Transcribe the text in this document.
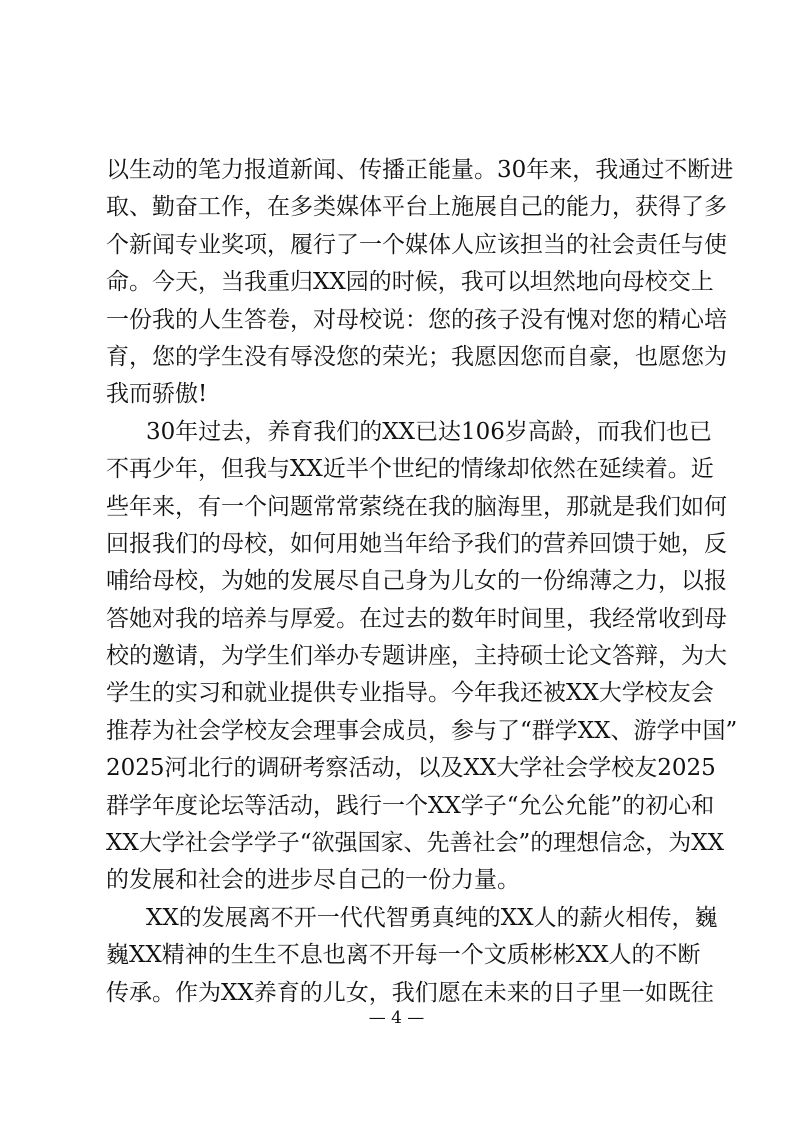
以生动的笔力报道新闻、传播正能量。30年来，我通过不断进
取、勤奋工作，在多类媒体平台上施展自己的能力，获得了多
个新闻专业奖项，履行了一个媒体人应该担当的社会责任与使
命。今天，当我重归XX园的时候，我可以坦然地向母校交上
一份我的人生答卷，对母校说：您的孩子没有愧对您的精心培
育，您的学生没有辱没您的荣光；我愿因您而自豪，也愿您为
我而骄傲!
30年过去，养育我们的XX已达106岁高龄，而我们也已
不再少年，但我与XX近半个世纪的情缘却依然在延续着。近
些年来，有一个问题常常萦绕在我的脑海里，那就是我们如何
回报我们的母校，如何用她当年给予我们的营养回馈于她，反
哺给母校，为她的发展尽自己身为儿女的一份绵薄之力，以报
答她对我的培养与厚爱。在过去的数年时间里，我经常收到母
校的邀请，为学生们举办专题讲座，主持硕士论文答辩，为大
学生的实习和就业提供专业指导。今年我还被XX大学校友会
推荐为社会学校友会理事会成员，参与了“群学XX、游学中国”
2025河北行的调研考察活动，以及XX大学社会学校友2025
群学年度论坛等活动，践行一个XX学子“允公允能”的初心和
XX大学社会学学子“欲强国家、先善社会”的理想信念，为XX
的发展和社会的进步尽自己的一份力量。
XX的发展离不开一代代智勇真纯的XX人的薪火相传，巍
巍XX精神的生生不息也离不开每一个文质彬彬XX人的不断
传承。作为XX养育的儿女，我们愿在未来的日子里一如既往
— 4 —
